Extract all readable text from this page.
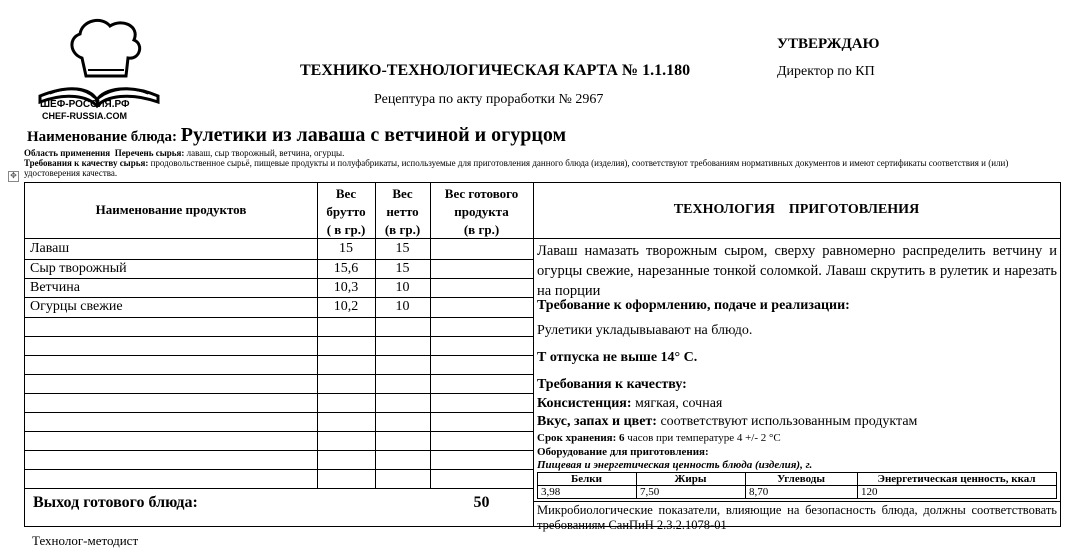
ШЕФ-РОССИЯ.РФ
CHEF-RUSSIA.COM
ТЕХНИКО-ТЕХНОЛОГИЧЕСКАЯ КАРТА № 1.1.180
Рецептура по акту проработки № 2967
УТВЕРЖДАЮ
Директор по КП
Наименование блюда: Рулетики из лаваша с ветчиной и огурцом
Область применения Перечень сырья: лаваш, сыр творожный, ветчина, огурцы.
Требования к качеству сырья: продовольственное сырьё, пищевые продукты и полуфабрикаты, используемые для приготовления данного блюда (изделия), соответствуют требованиям нормативных документов и имеют сертификаты соответствия и (или) удостоверения качества.
✥
Наименование продуктов
Вес
брутто
( в гр.)
Вес
нетто
(в гр.)
Вес готового
продукта
(в гр.)
ТЕХНОЛОГИЯ    ПРИГОТОВЛЕНИЯ
Лаваш	15	15
Сыр творожный	15,6	15
Ветчина	10,3	10
Огурцы свежие	10,2	10
Выход готового блюда:	50
Лаваш намазать творожным сыром, сверху равномерно распределить ветчину и огурцы свежие, нарезанные тонкой соломкой. Лаваш скрутить в рулетик и нарезать на порции
Требование к оформлению, подаче и реализации:
Рулетики укладывыавают на блюдо.
Т отпуска не выше 14° С.
Требования к качеству:
Консистенция: мягкая, сочная
Вкус, запах и цвет: соответствуют использованным продуктам
Срок хранения: 6 часов при температуре 4 +/- 2 °С
Оборудование для приготовления:
Пищевая и энергетическая ценность блюда (изделия), г.
Белки	Жиры	Углеводы	Энергетическая ценность, ккал
3,98	7,50	8,70	120
Микробиологические показатели, влияющие на безопасность блюда, должны соответствовать требованиям СанПиН 2.3.2.1078-01
Технолог-методист
